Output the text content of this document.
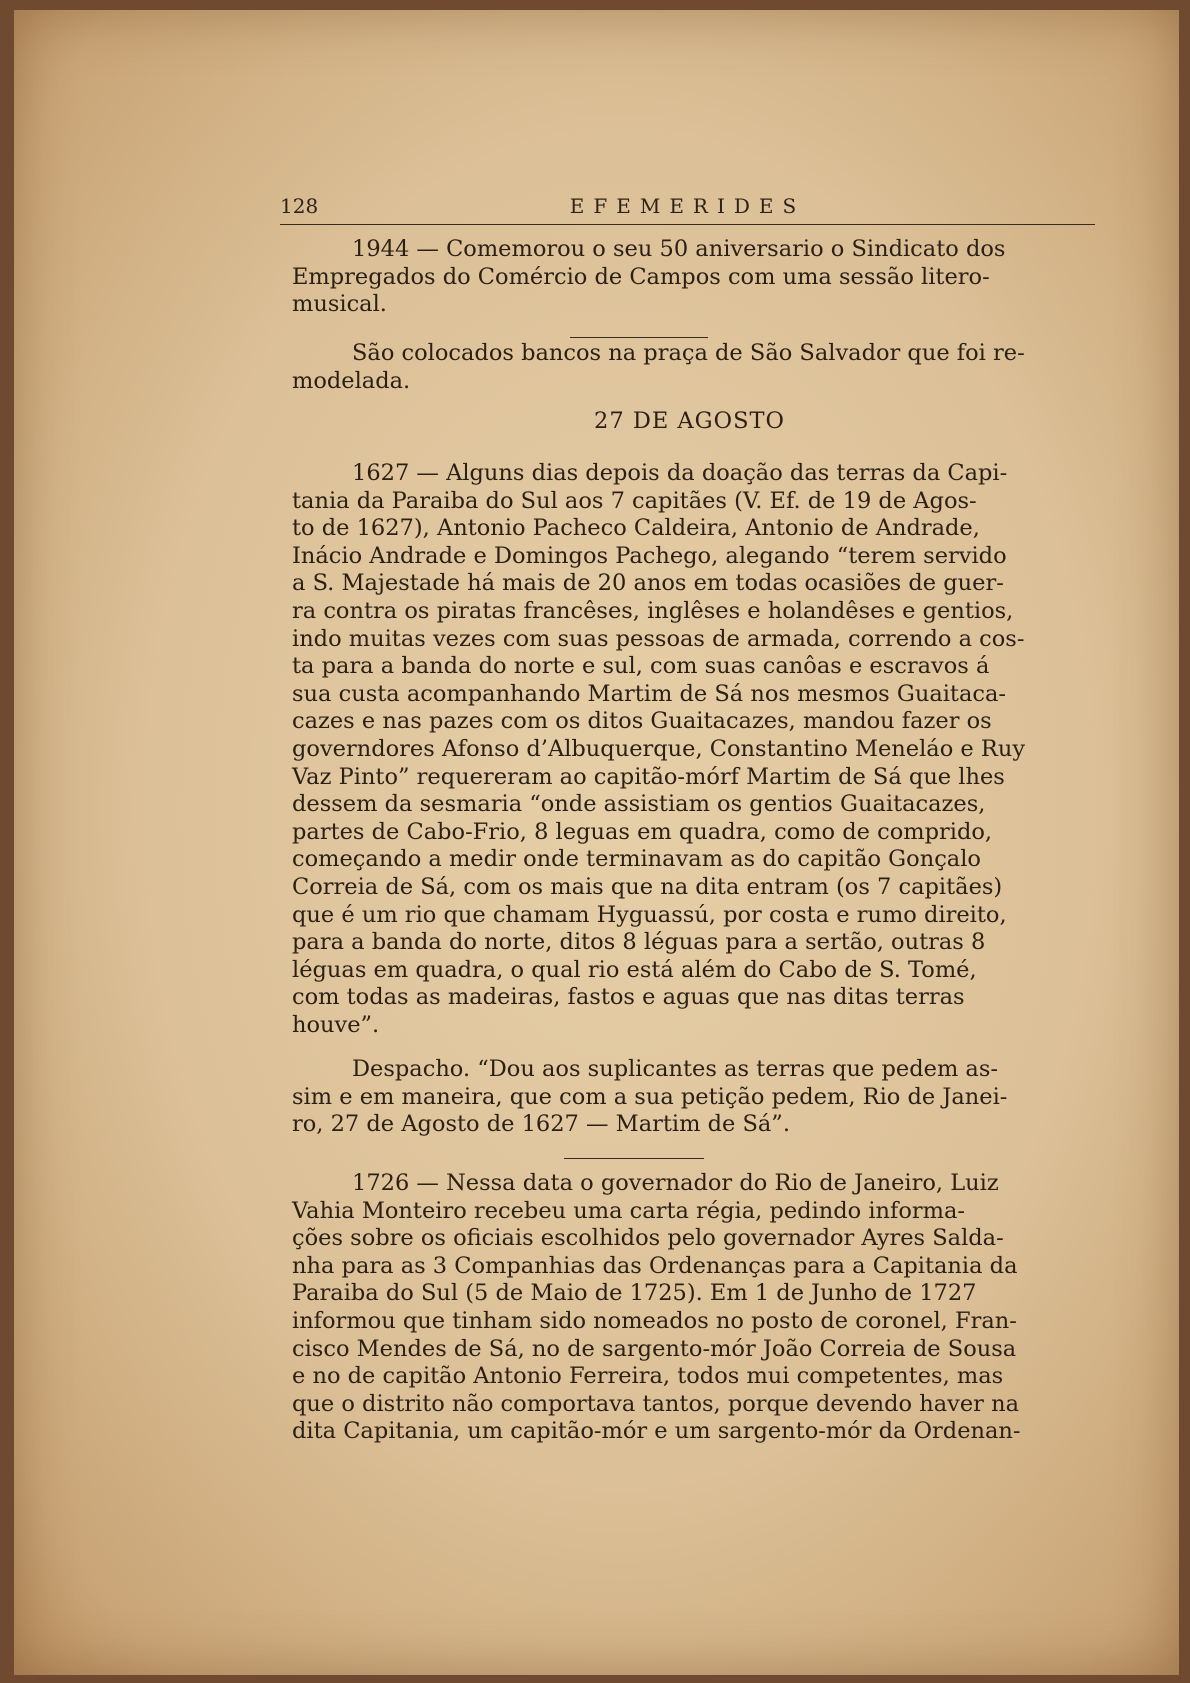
128	EFEMERIDES

1944 — Comemorou o seu 50 aniversario o Sindicato dos
Empregados do Comércio de Campos com uma sessão litero-
musical.

São colocados bancos na praça de São Salvador que foi re-
modelada.

27 DE AGOSTO

1627 — Alguns dias depois da doação das terras da Capi-
tania da Paraiba do Sul aos 7 capitães (V. Ef. de 19 de Agos-
to de 1627), Antonio Pacheco Caldeira, Antonio de Andrade,
Inácio Andrade e Domingos Pachego, alegando “terem servido
a S. Majestade há mais de 20 anos em todas ocasiões de guer-
ra contra os piratas francêses, inglêses e holandêses e gentios,
indo muitas vezes com suas pessoas de armada, correndo a cos-
ta para a banda do norte e sul, com suas canôas e escravos á
sua custa acompanhando Martim de Sá nos mesmos Guaitaca-
cazes e nas pazes com os ditos Guaitacazes, mandou fazer os
governdores Afonso d’Albuquerque, Constantino Meneláo e Ruy
Vaz Pinto” requereram ao capitão-mórf Martim de Sá que lhes
dessem da sesmaria “onde assistiam os gentios Guaitacazes,
partes de Cabo-Frio, 8 leguas em quadra, como de comprido,
começando a medir onde terminavam as do capitão Gonçalo
Correia de Sá, com os mais que na dita entram (os 7 capitães)
que é um rio que chamam Hyguassú, por costa e rumo direito,
para a banda do norte, ditos 8 léguas para a sertão, outras 8
léguas em quadra, o qual rio está além do Cabo de S. Tomé,
com todas as madeiras, fastos e aguas que nas ditas terras
houve”.

Despacho. “Dou aos suplicantes as terras que pedem as-
sim e em maneira, que com a sua petição pedem, Rio de Janei-
ro, 27 de Agosto de 1627 — Martim de Sá”.

1726 — Nessa data o governador do Rio de Janeiro, Luiz
Vahia Monteiro recebeu uma carta régia, pedindo informa-
ções sobre os oficiais escolhidos pelo governador Ayres Salda-
nha para as 3 Companhias das Ordenanças para a Capitania da
Paraiba do Sul (5 de Maio de 1725). Em 1 de Junho de 1727
informou que tinham sido nomeados no posto de coronel, Fran-
cisco Mendes de Sá, no de sargento-mór João Correia de Sousa
e no de capitão Antonio Ferreira, todos mui competentes, mas
que o distrito não comportava tantos, porque devendo haver na
dita Capitania, um capitão-mór e um sargento-mór da Ordenan-
